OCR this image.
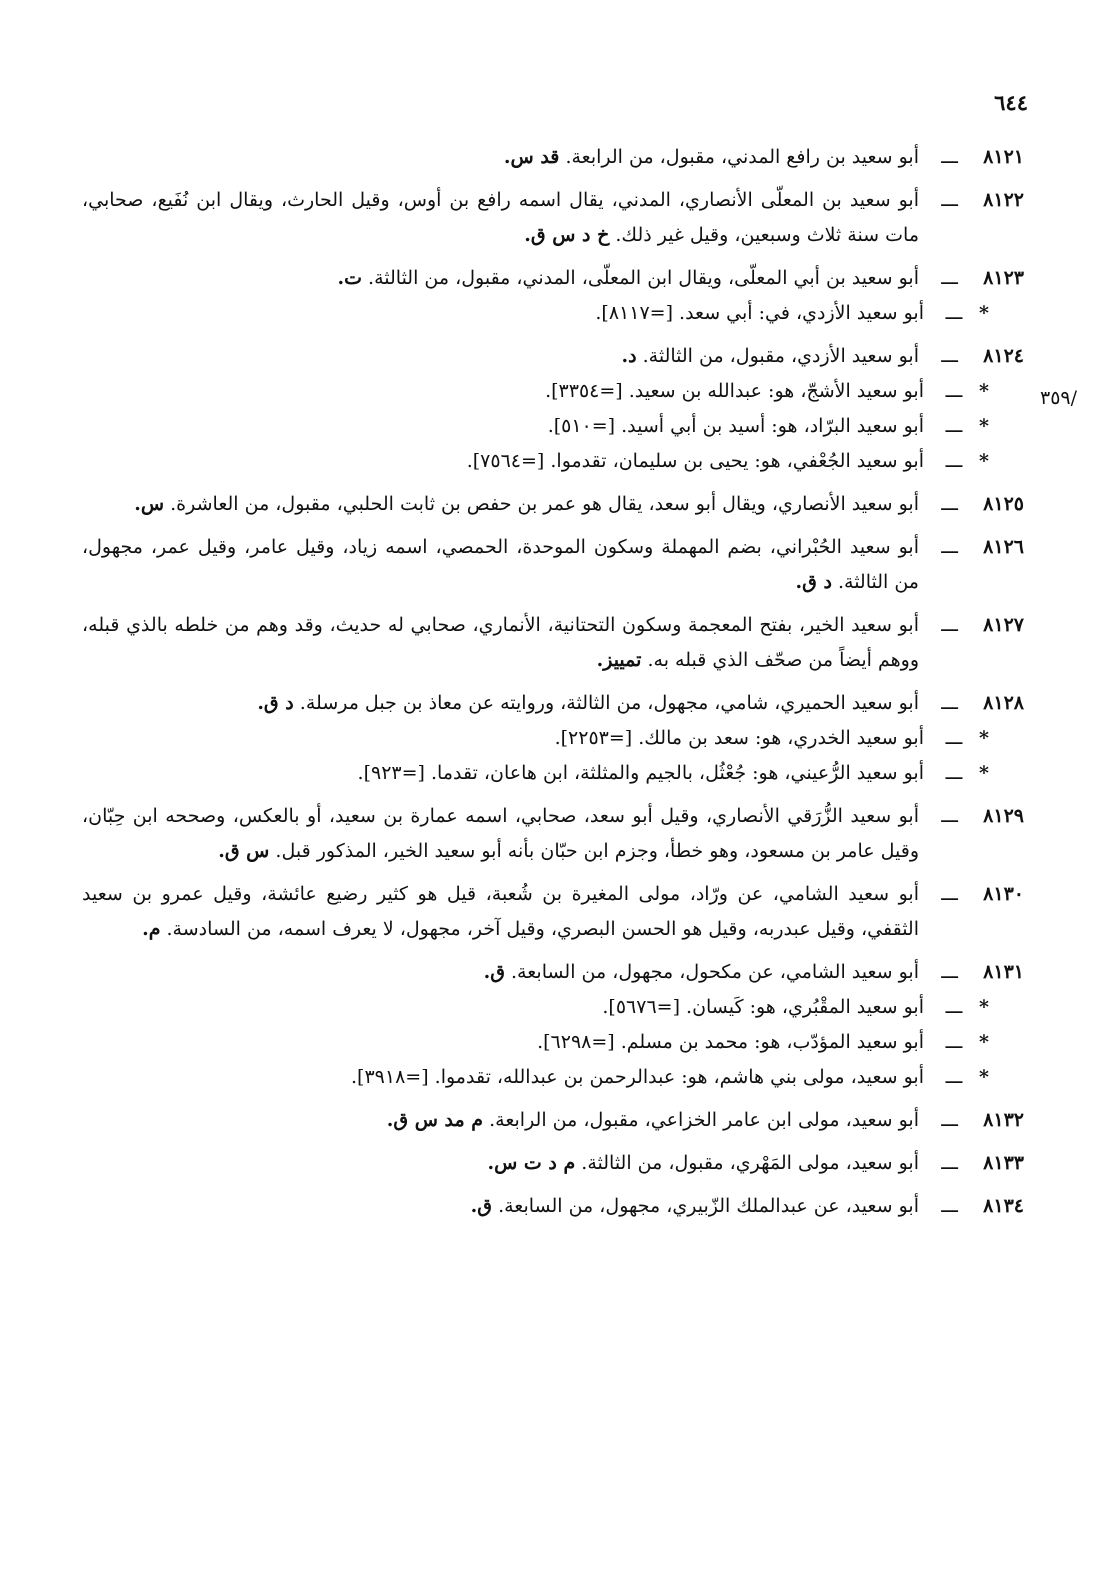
٦٤٤
/٣٥٩
٨١٢١
ـــ
أبو سعيد بن رافع المدني، مقبول، من الرابعة. قد س.
٨١٢٢
ـــ
أبو سعيد بن المعلّى الأنصاري، المدني، يقال اسمه رافع بن أوس، وقيل الحارث، ويقال ابن نُفَيع، صحابي، مات سنة ثلاث وسبعين، وقيل غير ذلك. خ د س ق.
٨١٢٣
ـــ
أبو سعيد بن أبي المعلّى، ويقال ابن المعلّى، المدني، مقبول، من الثالثة. ت.
*
ـــ
أبو سعيد الأزدي، في: أبي سعد. [=٨١١٧].
٨١٢٤
ـــ
أبو سعيد الأزدي، مقبول، من الثالثة. د.
*
ـــ
أبو سعيد الأشجّ، هو: عبدالله بن سعيد. [=٣٣٥٤].
*
ـــ
أبو سعيد البرّاد، هو: أسيد بن أبي أسيد. [=٥١٠].
*
ـــ
أبو سعيد الجُعْفي، هو: يحيى بن سليمان، تقدموا. [=٧٥٦٤].
٨١٢٥
ـــ
أبو سعيد الأنصاري، ويقال أبو سعد، يقال هو عمر بن حفص بن ثابت الحلبي، مقبول، من العاشرة. س.
٨١٢٦
ـــ
أبو سعيد الحُبْراني، بضم المهملة وسكون الموحدة، الحمصي، اسمه زياد، وقيل عامر، وقيل عمر، مجهول، من الثالثة. د ق.
٨١٢٧
ـــ
أبو سعيد الخير، بفتح المعجمة وسكون التحتانية، الأنماري، صحابي له حديث، وقد وهم من خلطه بالذي قبله، ووهم أيضاً من صحّف الذي قبله به. تمييز.
٨١٢٨
ـــ
أبو سعيد الحميري، شامي، مجهول، من الثالثة، وروايته عن معاذ بن جبل مرسلة. د ق.
*
ـــ
أبو سعيد الخدري، هو: سعد بن مالك. [=٢٢٥٣].
*
ـــ
أبو سعيد الرُّعيني، هو: جُعْثُل، بالجيم والمثلثة، ابن هاعان، تقدما. [=٩٢٣].
٨١٢٩
ـــ
أبو سعيد الزُّرَقي الأنصاري، وقيل أبو سعد، صحابي، اسمه عمارة بن سعيد، أو بالعكس، وصححه ابن حِبّان، وقيل عامر بن مسعود، وهو خطأ، وجزم ابن حبّان بأنه أبو سعيد الخير، المذكور قبل. س ق.
٨١٣٠
ـــ
أبو سعيد الشامي، عن ورّاد، مولى المغيرة بن شُعبة، قيل هو كثير رضيع عائشة، وقيل عمرو بن سعيد الثقفي، وقيل عبدربه، وقيل هو الحسن البصري، وقيل آخر، مجهول، لا يعرف اسمه، من السادسة. م.
٨١٣١
ـــ
أبو سعيد الشامي، عن مكحول، مجهول، من السابعة. ق.
*
ـــ
أبو سعيد المقْبُري، هو: كَيسان. [=٥٦٧٦].
*
ـــ
أبو سعيد المؤدّب، هو: محمد بن مسلم. [=٦٢٩٨].
*
ـــ
أبو سعيد، مولى بني هاشم، هو: عبدالرحمن بن عبدالله، تقدموا. [=٣٩١٨].
٨١٣٢
ـــ
أبو سعيد، مولى ابن عامر الخزاعي، مقبول، من الرابعة. م مد س ق.
٨١٣٣
ـــ
أبو سعيد، مولى المَهْري، مقبول، من الثالثة. م د ت س.
٨١٣٤
ـــ
أبو سعيد، عن عبدالملك الزّبيري، مجهول، من السابعة. ق.
